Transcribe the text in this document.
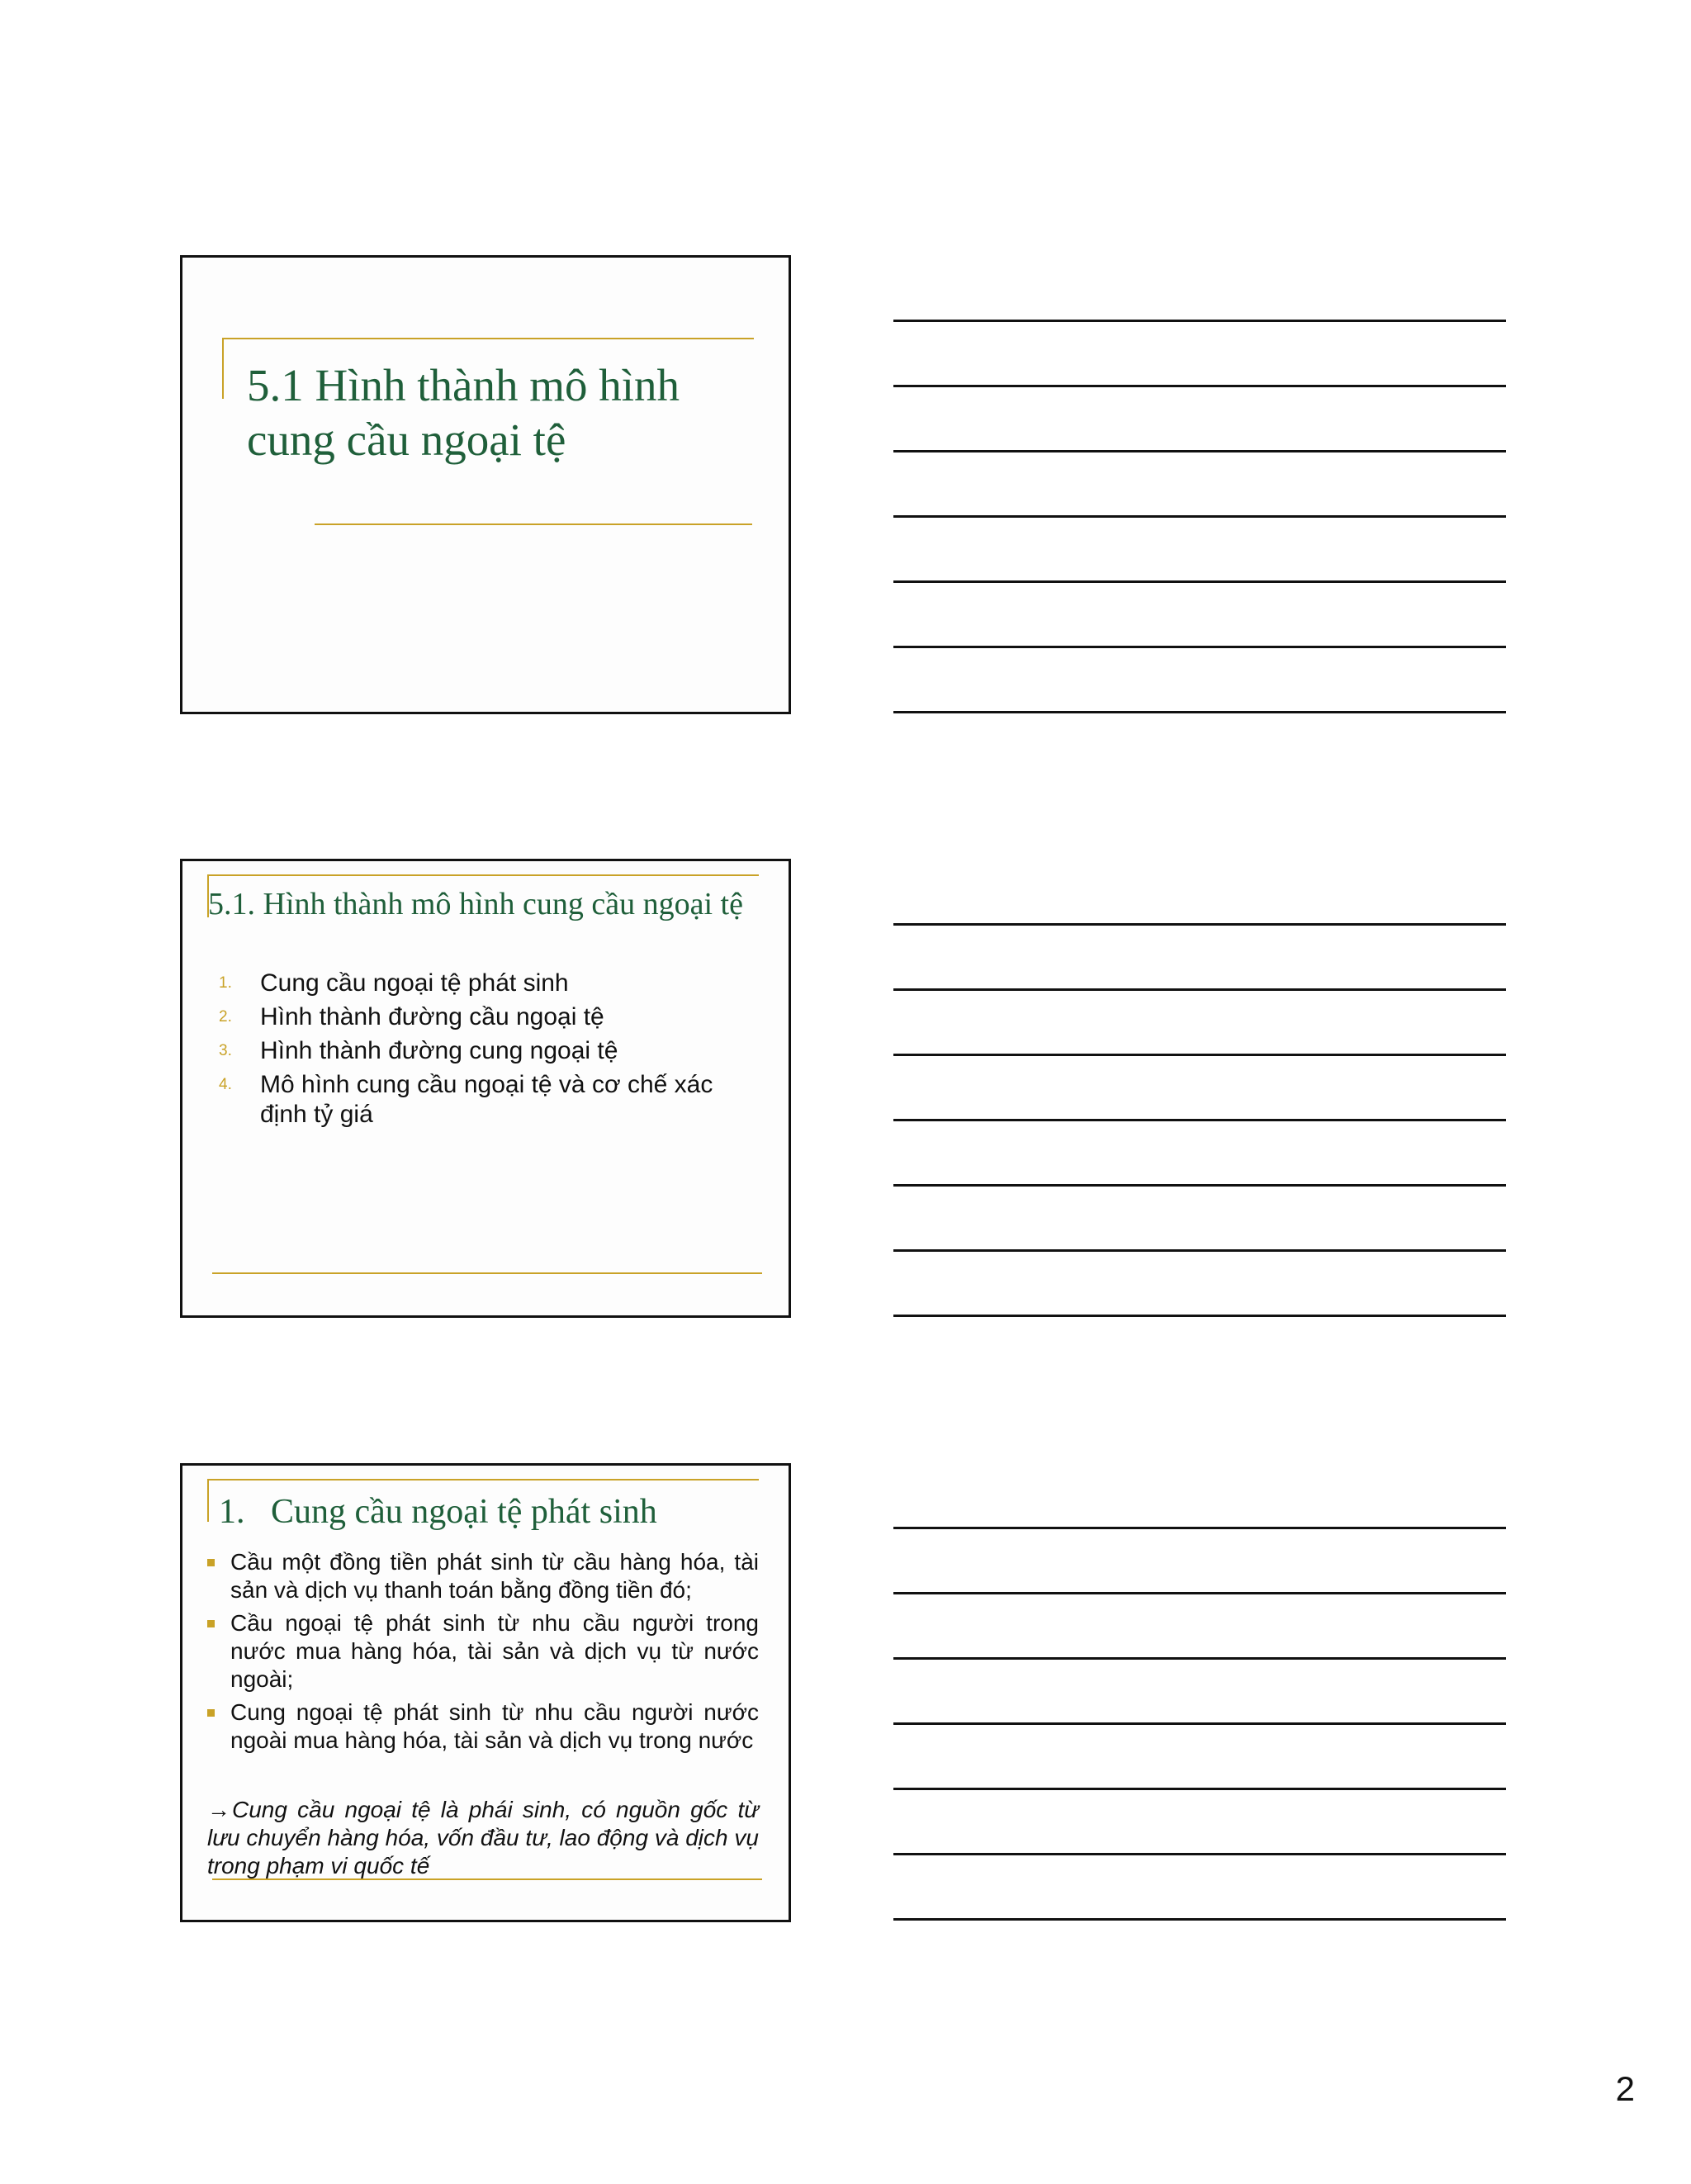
5.1 Hình thành mô hình cung cầu ngoại tệ
5.1. Hình thành mô hình cung cầu ngoại tệ
1.	Cung cầu ngoại tệ phát sinh
2.	Hình thành đường cầu ngoại tệ
3.	Hình thành đường cung ngoại tệ
4.	Mô hình cung cầu ngoại tệ và cơ chế xác định tỷ giá
1.   Cung cầu ngoại tệ phát sinh
Cầu một đồng tiền phát sinh từ cầu hàng hóa, tài sản và dịch vụ thanh toán bằng đồng tiền đó;
Cầu ngoại tệ phát sinh từ nhu cầu người trong nước mua hàng hóa, tài sản và dịch vụ từ nước ngoài;
Cung ngoại tệ phát sinh từ nhu cầu người nước ngoài mua hàng hóa, tài sản và dịch vụ trong nước
→Cung cầu ngoại tệ là phái sinh, có nguồn gốc từ lưu chuyển hàng hóa, vốn đầu tư, lao động và dịch vụ trong phạm vi quốc tế
2
